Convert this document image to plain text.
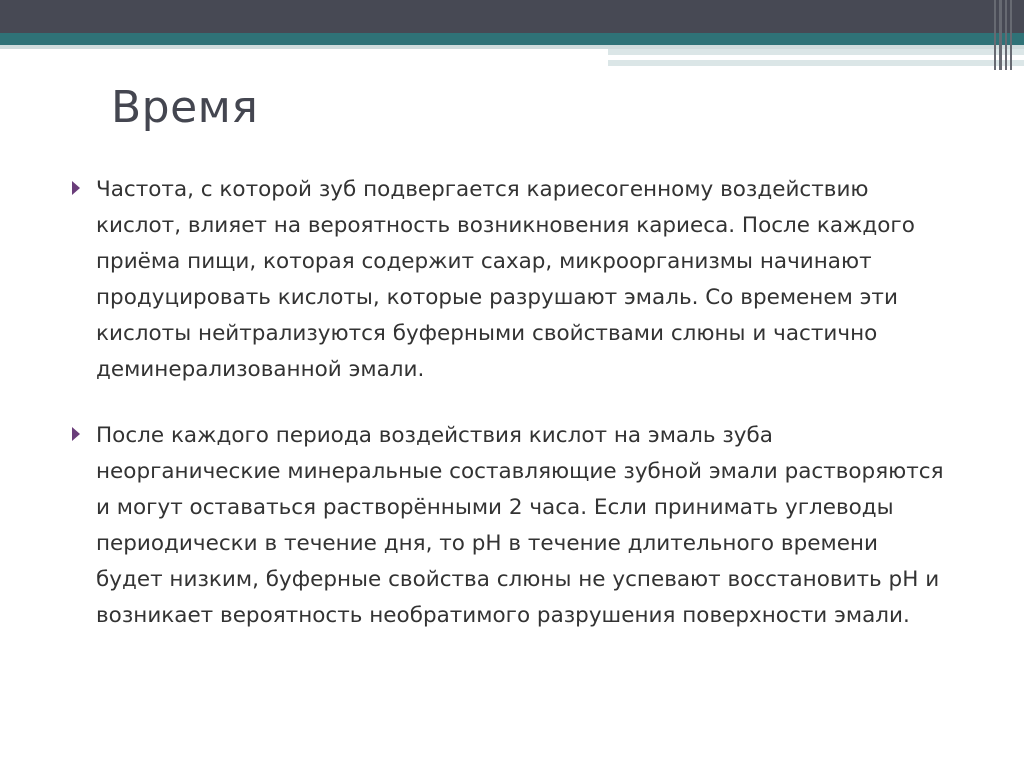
Время
Частота, с которой зуб подвергается кариесогенному воздействию кислот, влияет на вероятность возникновения кариеса. После каждого приёма пищи, которая содержит сахар, микроорганизмы начинают продуцировать кислоты, которые разрушают эмаль. Со временем эти кислоты нейтрализуются буферными свойствами слюны и частично деминерализованной эмали.
После каждого периода воздействия кислот на эмаль зуба неорганические минеральные составляющие зубной эмали растворяются и могут оставаться растворёнными 2 часа. Если принимать углеводы периодически в течение дня, то pH в течение длительного времени будет низким, буферные свойства слюны не успевают восстановить pH и возникает вероятность необратимого разрушения поверхности эмали.
